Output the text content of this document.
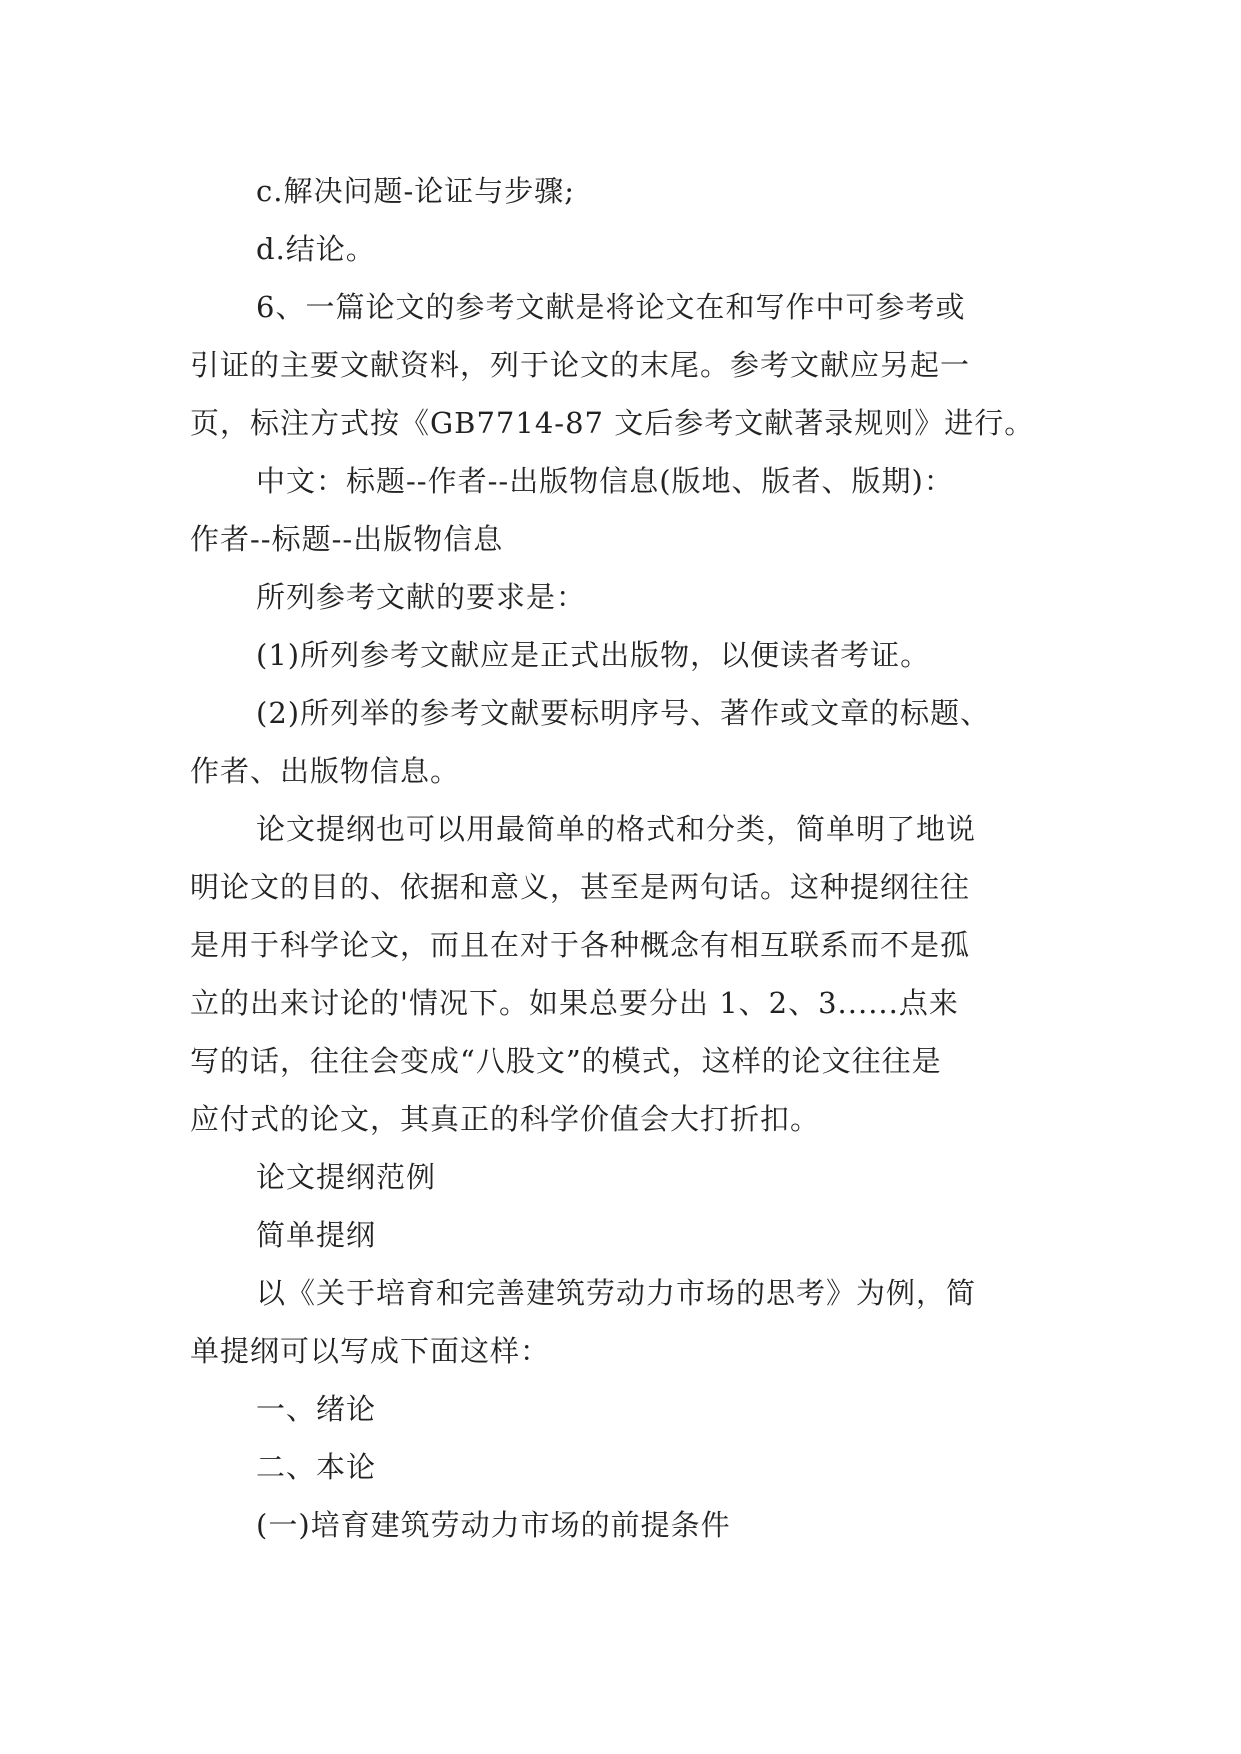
c.解决问题-论证与步骤;
d.结论。
6、一篇论文的参考文献是将论文在和写作中可参考或
引证的主要文献资料，列于论文的末尾。参考文献应另起一
页，标注方式按《GB7714-87 文后参考文献著录规则》进行。
中文：标题--作者--出版物信息(版地、版者、版期)：
作者--标题--出版物信息
所列参考文献的要求是：
(1)所列参考文献应是正式出版物，以便读者考证。
(2)所列举的参考文献要标明序号、著作或文章的标题、
作者、出版物信息。
论文提纲也可以用最简单的格式和分类，简单明了地说
明论文的目的、依据和意义，甚至是两句话。这种提纲往往
是用于科学论文，而且在对于各种概念有相互联系而不是孤
立的出来讨论的'情况下。如果总要分出 1、2、3......点来
写的话，往往会变成“八股文”的模式，这样的论文往往是
应付式的论文，其真正的科学价值会大打折扣。
论文提纲范例
简单提纲
以《关于培育和完善建筑劳动力市场的思考》为例，简
单提纲可以写成下面这样：
一、绪论
二、本论
(一)培育建筑劳动力市场的前提条件
